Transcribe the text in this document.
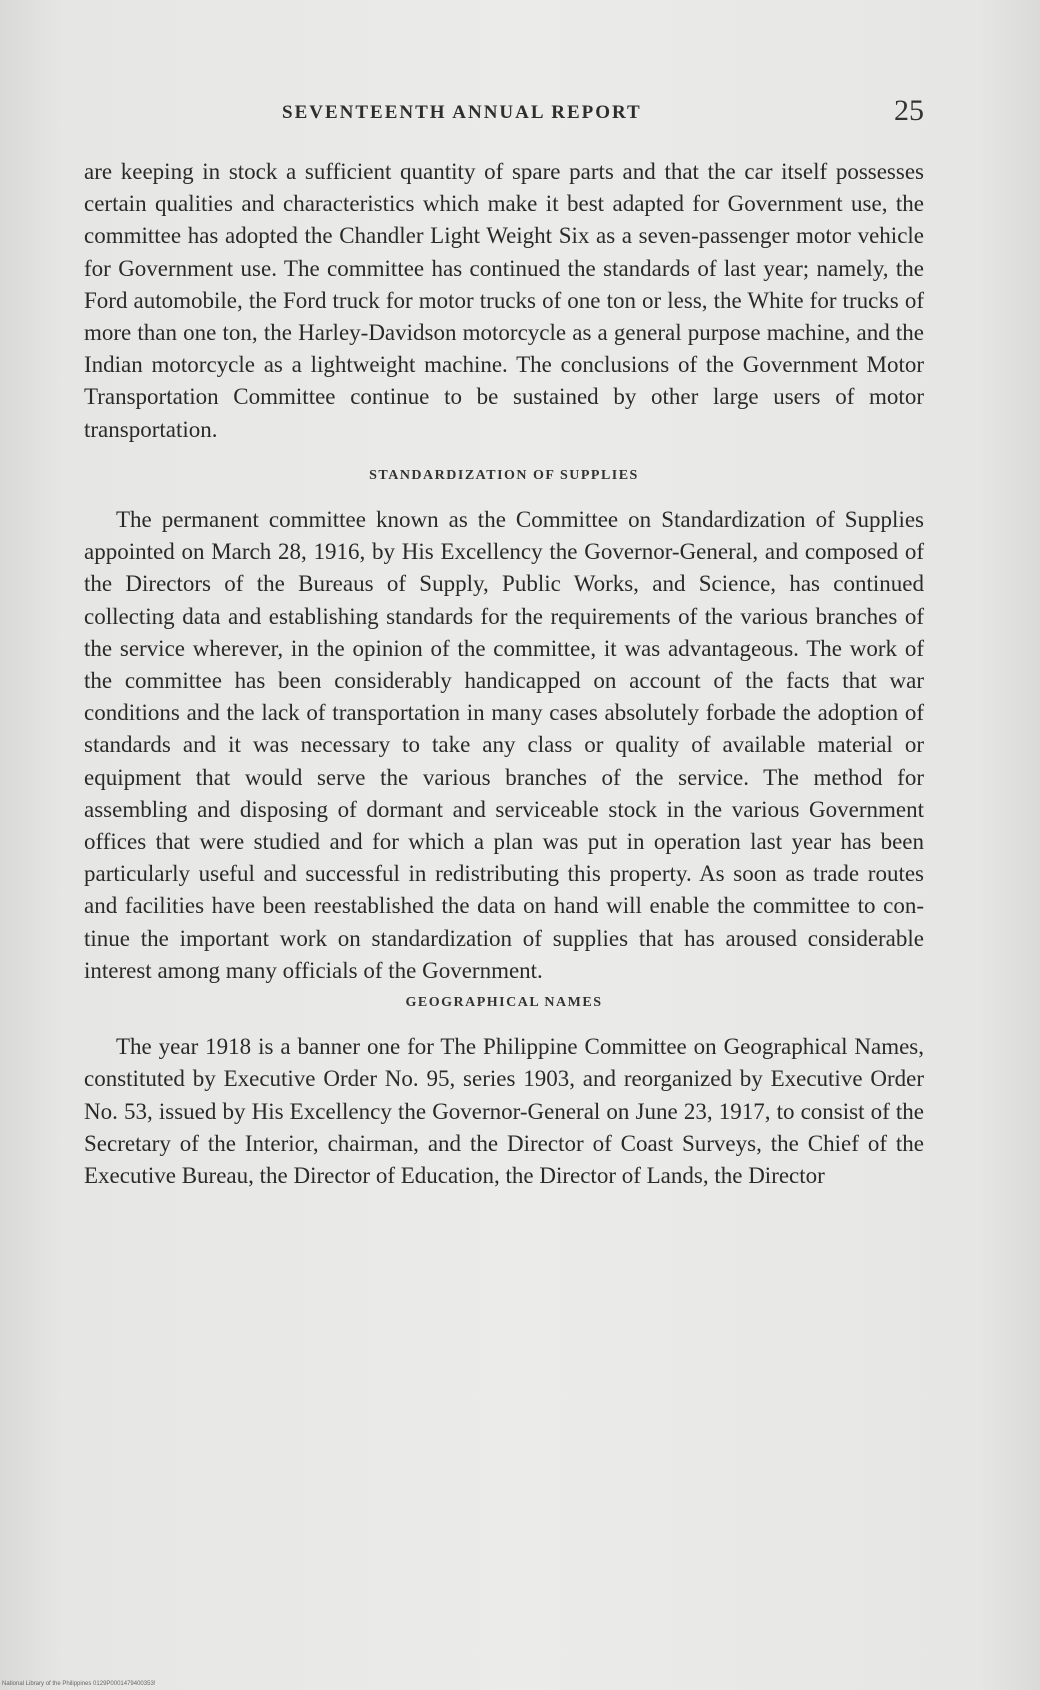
SEVENTEENTH ANNUAL REPORT	25

are keeping in stock a sufficient quantity of spare parts and that the car itself possesses certain qualities and characteristics which make it best adapted for Government use, the committee has adopted the Chandler Light Weight Six as a seven-passenger motor vehicle for Government use. The committee has continued the standards of last year; namely, the Ford automobile, the Ford truck for motor trucks of one ton or less, the White for trucks of more than one ton, the Harley-Davidson motorcycle as a general purpose machine, and the Indian motorcycle as a lightweight machine. The conclusions of the Government Motor Transportation Committee continue to be sustained by other large users of motor transportation.

STANDARDIZATION OF SUPPLIES

The permanent committee known as the Committee on Standardization of Supplies appointed on March 28, 1916, by His Excellency the Governor-General, and composed of the Directors of the Bureaus of Supply, Public Works, and Science, has continued collecting data and establishing standards for the requirements of the various branches of the service wherever, in the opinion of the committee, it was advantageous. The work of the committee has been considerably handicapped on account of the facts that war conditions and the lack of transportation in many cases absolutely forbade the adoption of standards and it was necessary to take any class or quality of available material or equipment that would serve the various branches of the service. The method for assembling and disposing of dormant and serviceable stock in the various Government offices that were studied and for which a plan was put in operation last year has been particularly useful and successful in redistributing this property. As soon as trade routes and facilities have been reestablished the data on hand will enable the committee to continue the important work on standardization of supplies that has aroused considerable interest among many officials of the Government.

GEOGRAPHICAL NAMES

The year 1918 is a banner one for The Philippine Committee on Geographical Names, constituted by Executive Order No. 95, series 1903, and reorganized by Executive Order No. 53, issued by His Excellency the Governor-General on June 23, 1917, to consist of the Secretary of the Interior, chairman, and the Director of Coast Surveys, the Chief of the Executive Bureau, the Director of Education, the Director of Lands, the Director

National Library of the Philippines 0129P0001479400353!
